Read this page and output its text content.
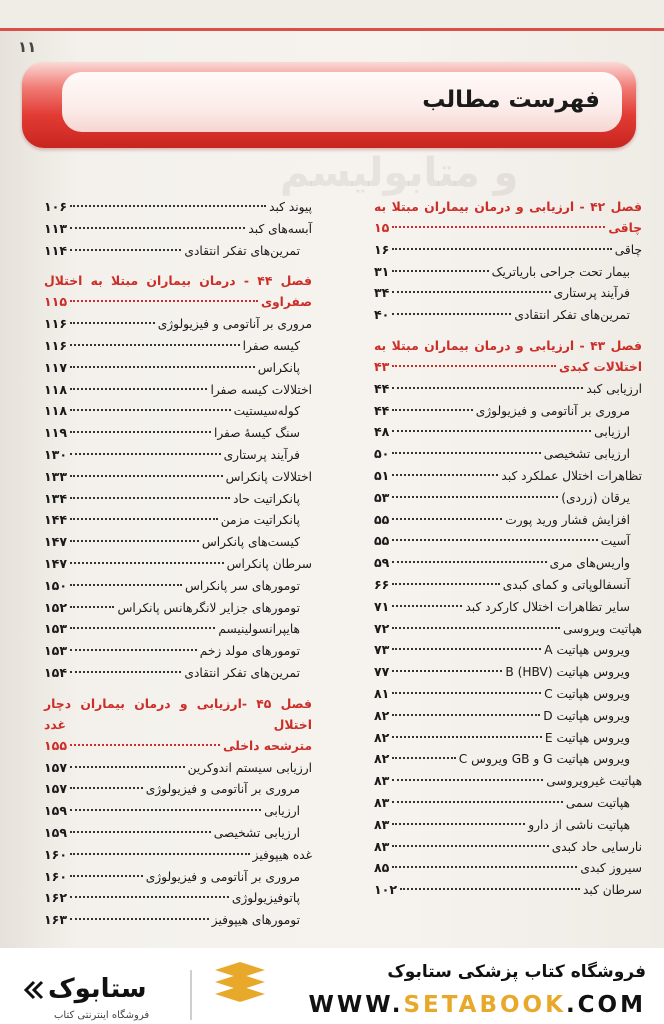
۱۱
و متابولیسم
فهرست مطالب
فصل ۴۲ - ارزیابی و درمان بیماران مبتلا به
چاقی
۱۵
چاقی
۱۶
بیمار تحت جراحی باریاتریک
۳۱
فرآیند پرستاری
۳۴
تمرین‌های تفکر انتقادی
۴۰
فصل ۴۳ - ارزیابی و درمان بیماران مبتلا به
اختلالات کبدی
۴۳
ارزیابی کبد
۴۴
مروری بر آناتومی و فیزیولوژی
۴۴
ارزیابی
۴۸
ارزیابی تشخیصی
۵۰
تظاهرات اختلال عملکرد کبد
۵۱
یرقان (زردی)
۵۳
افزایش فشار ورید پورت
۵۵
آسیت
۵۵
واریس‌های مری
۵۹
آنسفالوپاتی و کمای کبدی
۶۶
سایر تظاهرات اختلال کارکرد کبد
۷۱
هپاتیت ویروسی
۷۲
ویروس هپاتیت A
۷۳
ویروس هپاتیت B (HBV)
۷۷
ویروس هپاتیت C
۸۱
ویروس هپاتیت D
۸۲
ویروس هپاتیت E
۸۲
ویروس هپاتیت G و GB ویروس C
۸۲
هپاتیت غیرویروسی
۸۳
هپاتیت سمی
۸۳
هپاتیت ناشی از دارو
۸۳
نارسایی حاد کبدی
۸۳
سیروز کبدی
۸۵
سرطان کبد
۱۰۲
پیوند کبد
۱۰۶
آبسه‌های کبد
۱۱۳
تمرین‌های تفکر انتقادی
۱۱۴
فصل ۴۴ - درمان بیماران مبتلا به اختلال
صفراوی
۱۱۵
مروری بر آناتومی و فیزیولوژی
۱۱۶
کیسه صفرا
۱۱۶
پانکراس
۱۱۷
اختلالات کیسه صفرا
۱۱۸
کوله‌سیستیت
۱۱۸
سنگ کیسهٔ صفرا
۱۱۹
فرآیند پرستاری
۱۳۰
اختلالات پانکراس
۱۳۳
پانکراتیت حاد
۱۳۴
پانکراتیت مزمن
۱۴۴
کیست‌های پانکراس
۱۴۷
سرطان پانکراس
۱۴۷
تومورهای سر پانکراس
۱۵۰
تومورهای جزایر لانگرهانس پانکراس
۱۵۲
هایپرانسولینیسم
۱۵۳
تومورهای مولد زخم
۱۵۳
تمرین‌های تفکر انتقادی
۱۵۴
فصل ۴۵ -ارزیابی و درمان بیماران دچار اختلال غدد
مترشحه داخلی
۱۵۵
ارزیابی سیستم اندوکرین
۱۵۷
مروری بر آناتومی و فیزیولوژی
۱۵۷
ارزیابی
۱۵۹
ارزیابی تشخیصی
۱۵۹
غده هیپوفیز
۱۶۰
مروری بر آناتومی و فیزیولوژی
۱۶۰
پاتوفیزیولوژی
۱۶۲
تومورهای هیپوفیز
۱۶۳
ستابوک
فروشگاه اینترنتی کتاب
فروشگاه کتاب پزشکی ستابوک
WWW.SETABOOK.COM
